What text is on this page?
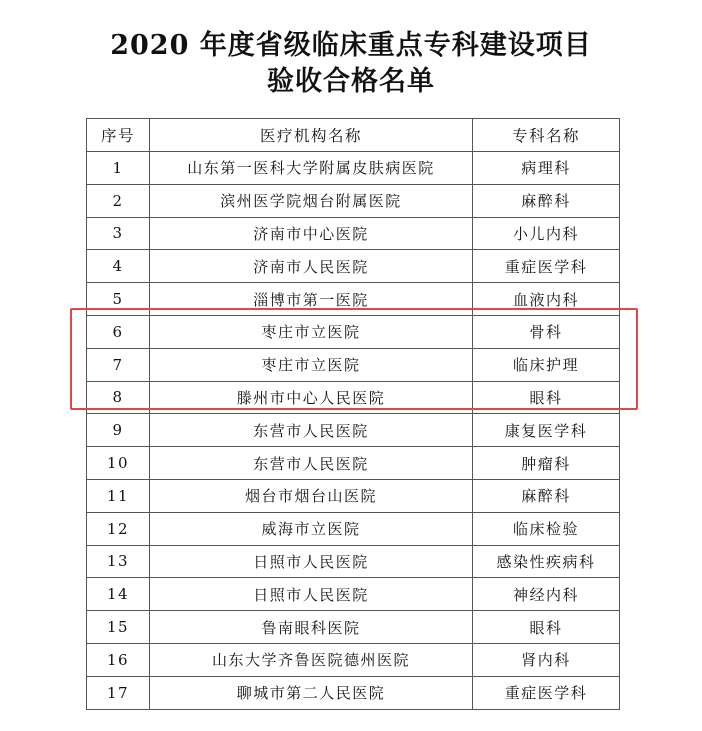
2020 年度省级临床重点专科建设项目
验收合格名单
序号	医疗机构名称	专科名称
1	山东第一医科大学附属皮肤病医院	病理科
2	滨州医学院烟台附属医院	麻醉科
3	济南市中心医院	小儿内科
4	济南市人民医院	重症医学科
5	淄博市第一医院	血液内科
6	枣庄市立医院	骨科
7	枣庄市立医院	临床护理
8	滕州市中心人民医院	眼科
9	东营市人民医院	康复医学科
10	东营市人民医院	肿瘤科
11	烟台市烟台山医院	麻醉科
12	威海市立医院	临床检验
13	日照市人民医院	感染性疾病科
14	日照市人民医院	神经内科
15	鲁南眼科医院	眼科
16	山东大学齐鲁医院德州医院	肾内科
17	聊城市第二人民医院	重症医学科
